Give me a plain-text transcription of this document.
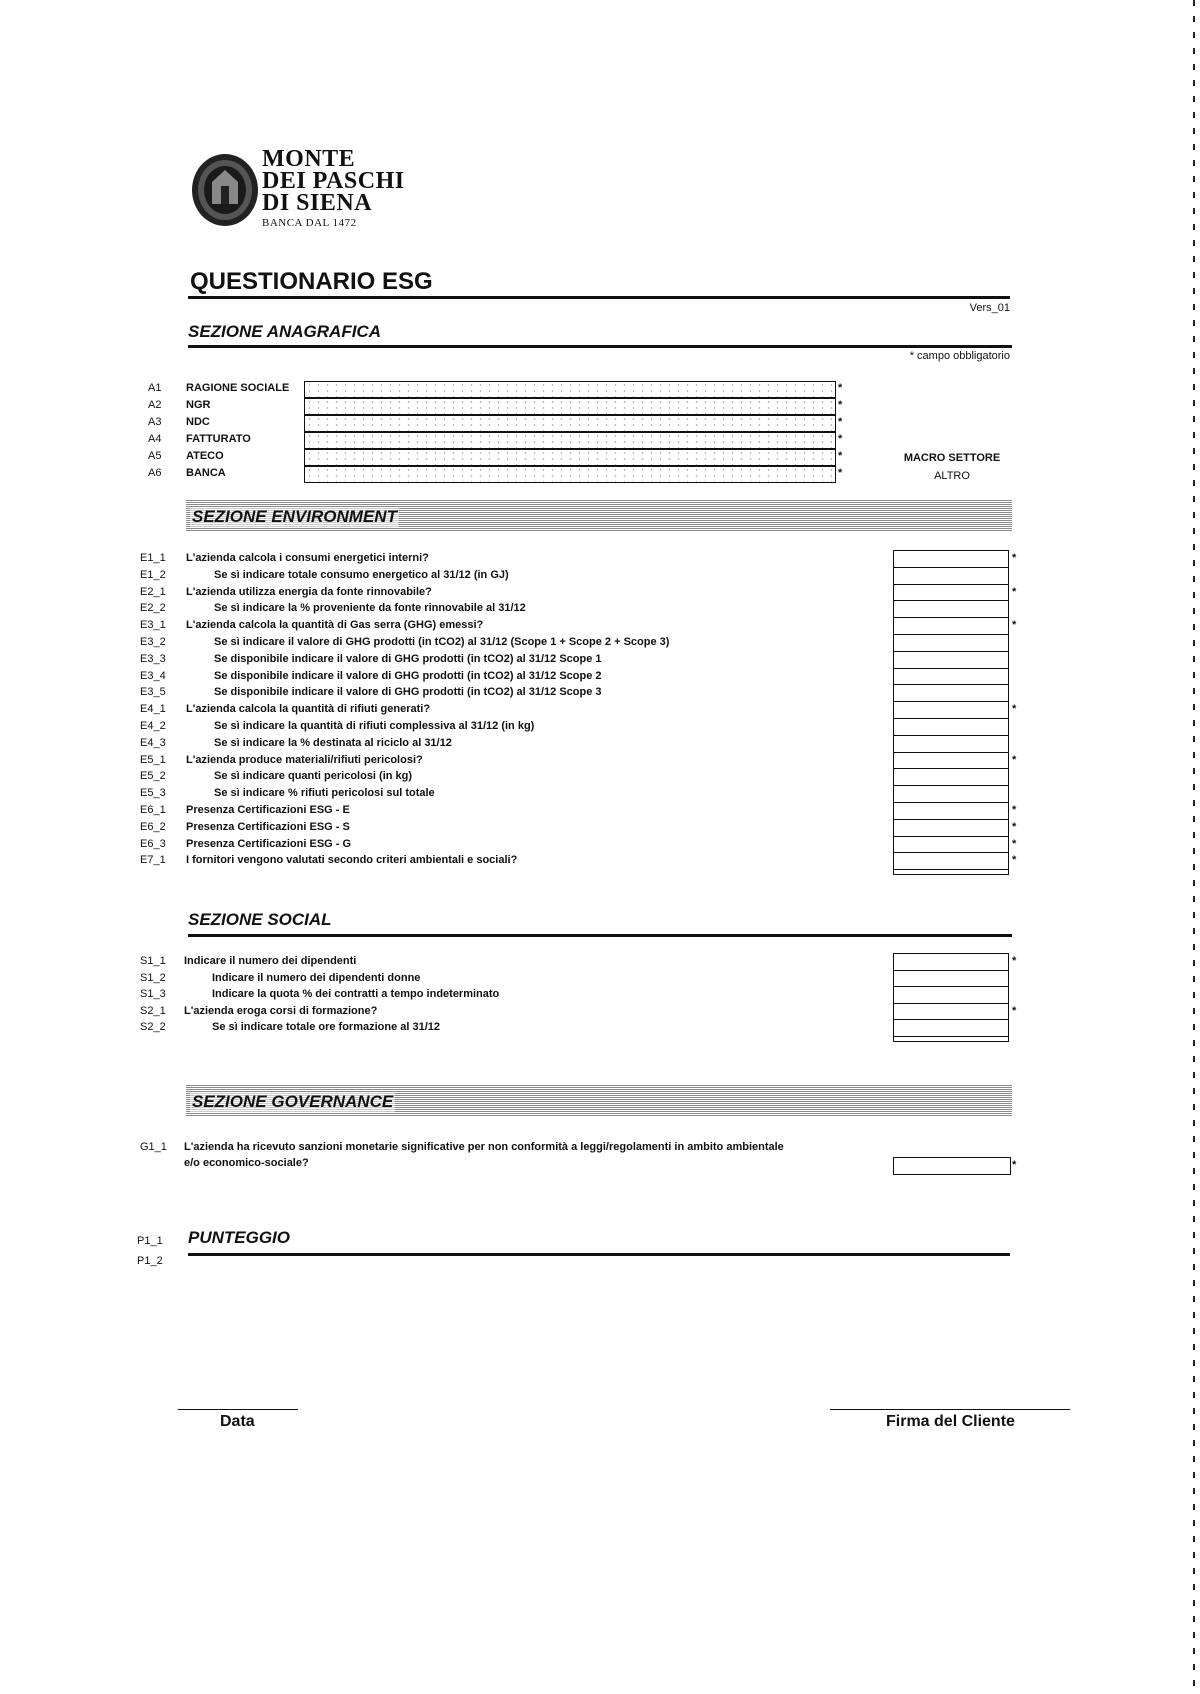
MONTE
DEI PASCHI
DI SIENA
BANCA DAL 1472
QUESTIONARIO ESG
Vers_01
SEZIONE ANAGRAFICA
* campo obbligatorio
A1	RAGIONE SOCIALE	*
A2	NGR	*
A3	NDC	*
A4	FATTURATO	*
A5	ATECO	*
A6	BANCA	*
MACRO SETTORE
ALTRO
SEZIONE ENVIRONMENT
E1_1	L'azienda calcola i consumi energetici interni?	*
E1_2	Se sì indicare totale consumo energetico al 31/12 (in GJ)
E2_1	L'azienda utilizza energia da fonte rinnovabile?	*
E2_2	Se sì indicare la % proveniente da fonte rinnovabile al 31/12
E3_1	L'azienda calcola la quantità di Gas serra (GHG) emessi?	*
E3_2	Se sì indicare il valore di GHG prodotti (in tCO2) al 31/12 (Scope 1 + Scope 2 + Scope 3)
E3_3	Se disponibile indicare il valore di GHG prodotti (in tCO2) al 31/12 Scope 1
E3_4	Se disponibile indicare il valore di GHG prodotti (in tCO2) al 31/12 Scope 2
E3_5	Se disponibile indicare il valore di GHG prodotti (in tCO2) al 31/12 Scope 3
E4_1	L'azienda calcola la quantità di rifiuti generati?	*
E4_2	Se sì indicare la quantità di rifiuti complessiva al 31/12 (in kg)
E4_3	Se sì indicare la % destinata al riciclo al 31/12
E5_1	L'azienda produce materiali/rifiuti pericolosi?	*
E5_2	Se sì indicare quanti pericolosi (in kg)
E5_3	Se sì indicare % rifiuti pericolosi sul totale
E6_1	Presenza Certificazioni ESG - E	*
E6_2	Presenza Certificazioni ESG - S	*
E6_3	Presenza Certificazioni ESG - G	*
E7_1	I fornitori vengono valutati secondo criteri ambientali e sociali?	*
SEZIONE SOCIAL
S1_1	Indicare il numero dei dipendenti	*
S1_2	Indicare il numero dei dipendenti donne
S1_3	Indicare la quota % dei contratti a tempo indeterminato
S2_1	L'azienda eroga corsi di formazione?	*
S2_2	Se sì indicare totale ore formazione al 31/12
SEZIONE GOVERNANCE
G1_1 L'azienda ha ricevuto sanzioni monetarie significative per non conformità a leggi/regolamenti in ambito ambientale
e/o economico-sociale?	*
P1_1
P1_2
PUNTEGGIO
Data	Firma del Cliente
